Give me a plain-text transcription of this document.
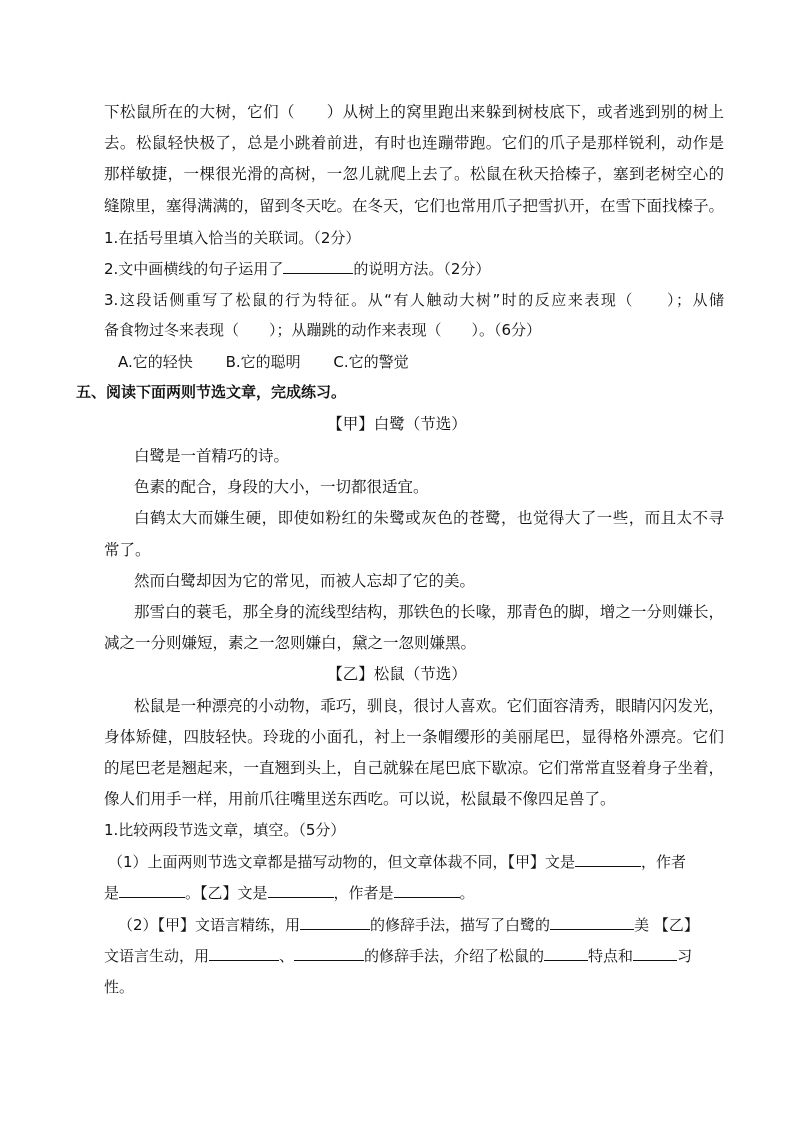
下松鼠所在的大树，它们（　　）从树上的窝里跑出来躲到树枝底下，或者逃到别的树上
去。松鼠轻快极了，总是小跳着前进，有时也连蹦带跑。它们的爪子是那样锐利，动作是
那样敏捷，一棵很光滑的高树，一忽儿就爬上去了。松鼠在秋天拾榛子，塞到老树空心的
缝隙里，塞得满满的，留到冬天吃。在冬天，它们也常用爪子把雪扒开，在雪下面找榛子。
1.在括号里填入恰当的关联词。（2分）
2.文中画横线的句子运用了	的说明方法。（2分）
3.这段话侧重写了松鼠的行为特征。从“有人触动大树”时的反应来表现（　　）；从储
备食物过冬来表现（　　）；从蹦跳的动作来表现（　　）。（6分）
A.它的轻快 B.它的聪明 C.它的警觉
五、阅读下面两则节选文章，完成练习。
【甲】白鹭（节选）
白鹭是一首精巧的诗。
色素的配合，身段的大小，一切都很适宜。
白鹤太大而嫌生硬，即使如粉红的朱鹭或灰色的苍鹭，也觉得大了一些，而且太不寻
常了。
然而白鹭却因为它的常见，而被人忘却了它的美。
那雪白的蓑毛，那全身的流线型结构，那铁色的长喙，那青色的脚，增之一分则嫌长，
减之一分则嫌短，素之一忽则嫌白，黛之一忽则嫌黑。
【乙】松鼠（节选）
松鼠是一种漂亮的小动物，乖巧，驯良，很讨人喜欢。它们面容清秀，眼睛闪闪发光，
身体矫健，四肢轻快。玲珑的小面孔，衬上一条帽缨形的美丽尾巴，显得格外漂亮。它们
的尾巴老是翘起来，一直翘到头上，自己就躲在尾巴底下歇凉。它们常常直竖着身子坐着，
像人们用手一样，用前爪往嘴里送东西吃。可以说，松鼠最不像四足兽了。
1.比较两段节选文章，填空。（5分）
（1）上面两则节选文章都是描写动物的，但文章体裁不同，【甲】文是	，作者
是	。【乙】文是	，作者是	。
（2）【甲】文语言精练，用	的修辞手法，描写了白鹭的	美 【乙】
文语言生动，用	、	的修辞手法，介绍了松鼠的	特点和	习
性。
